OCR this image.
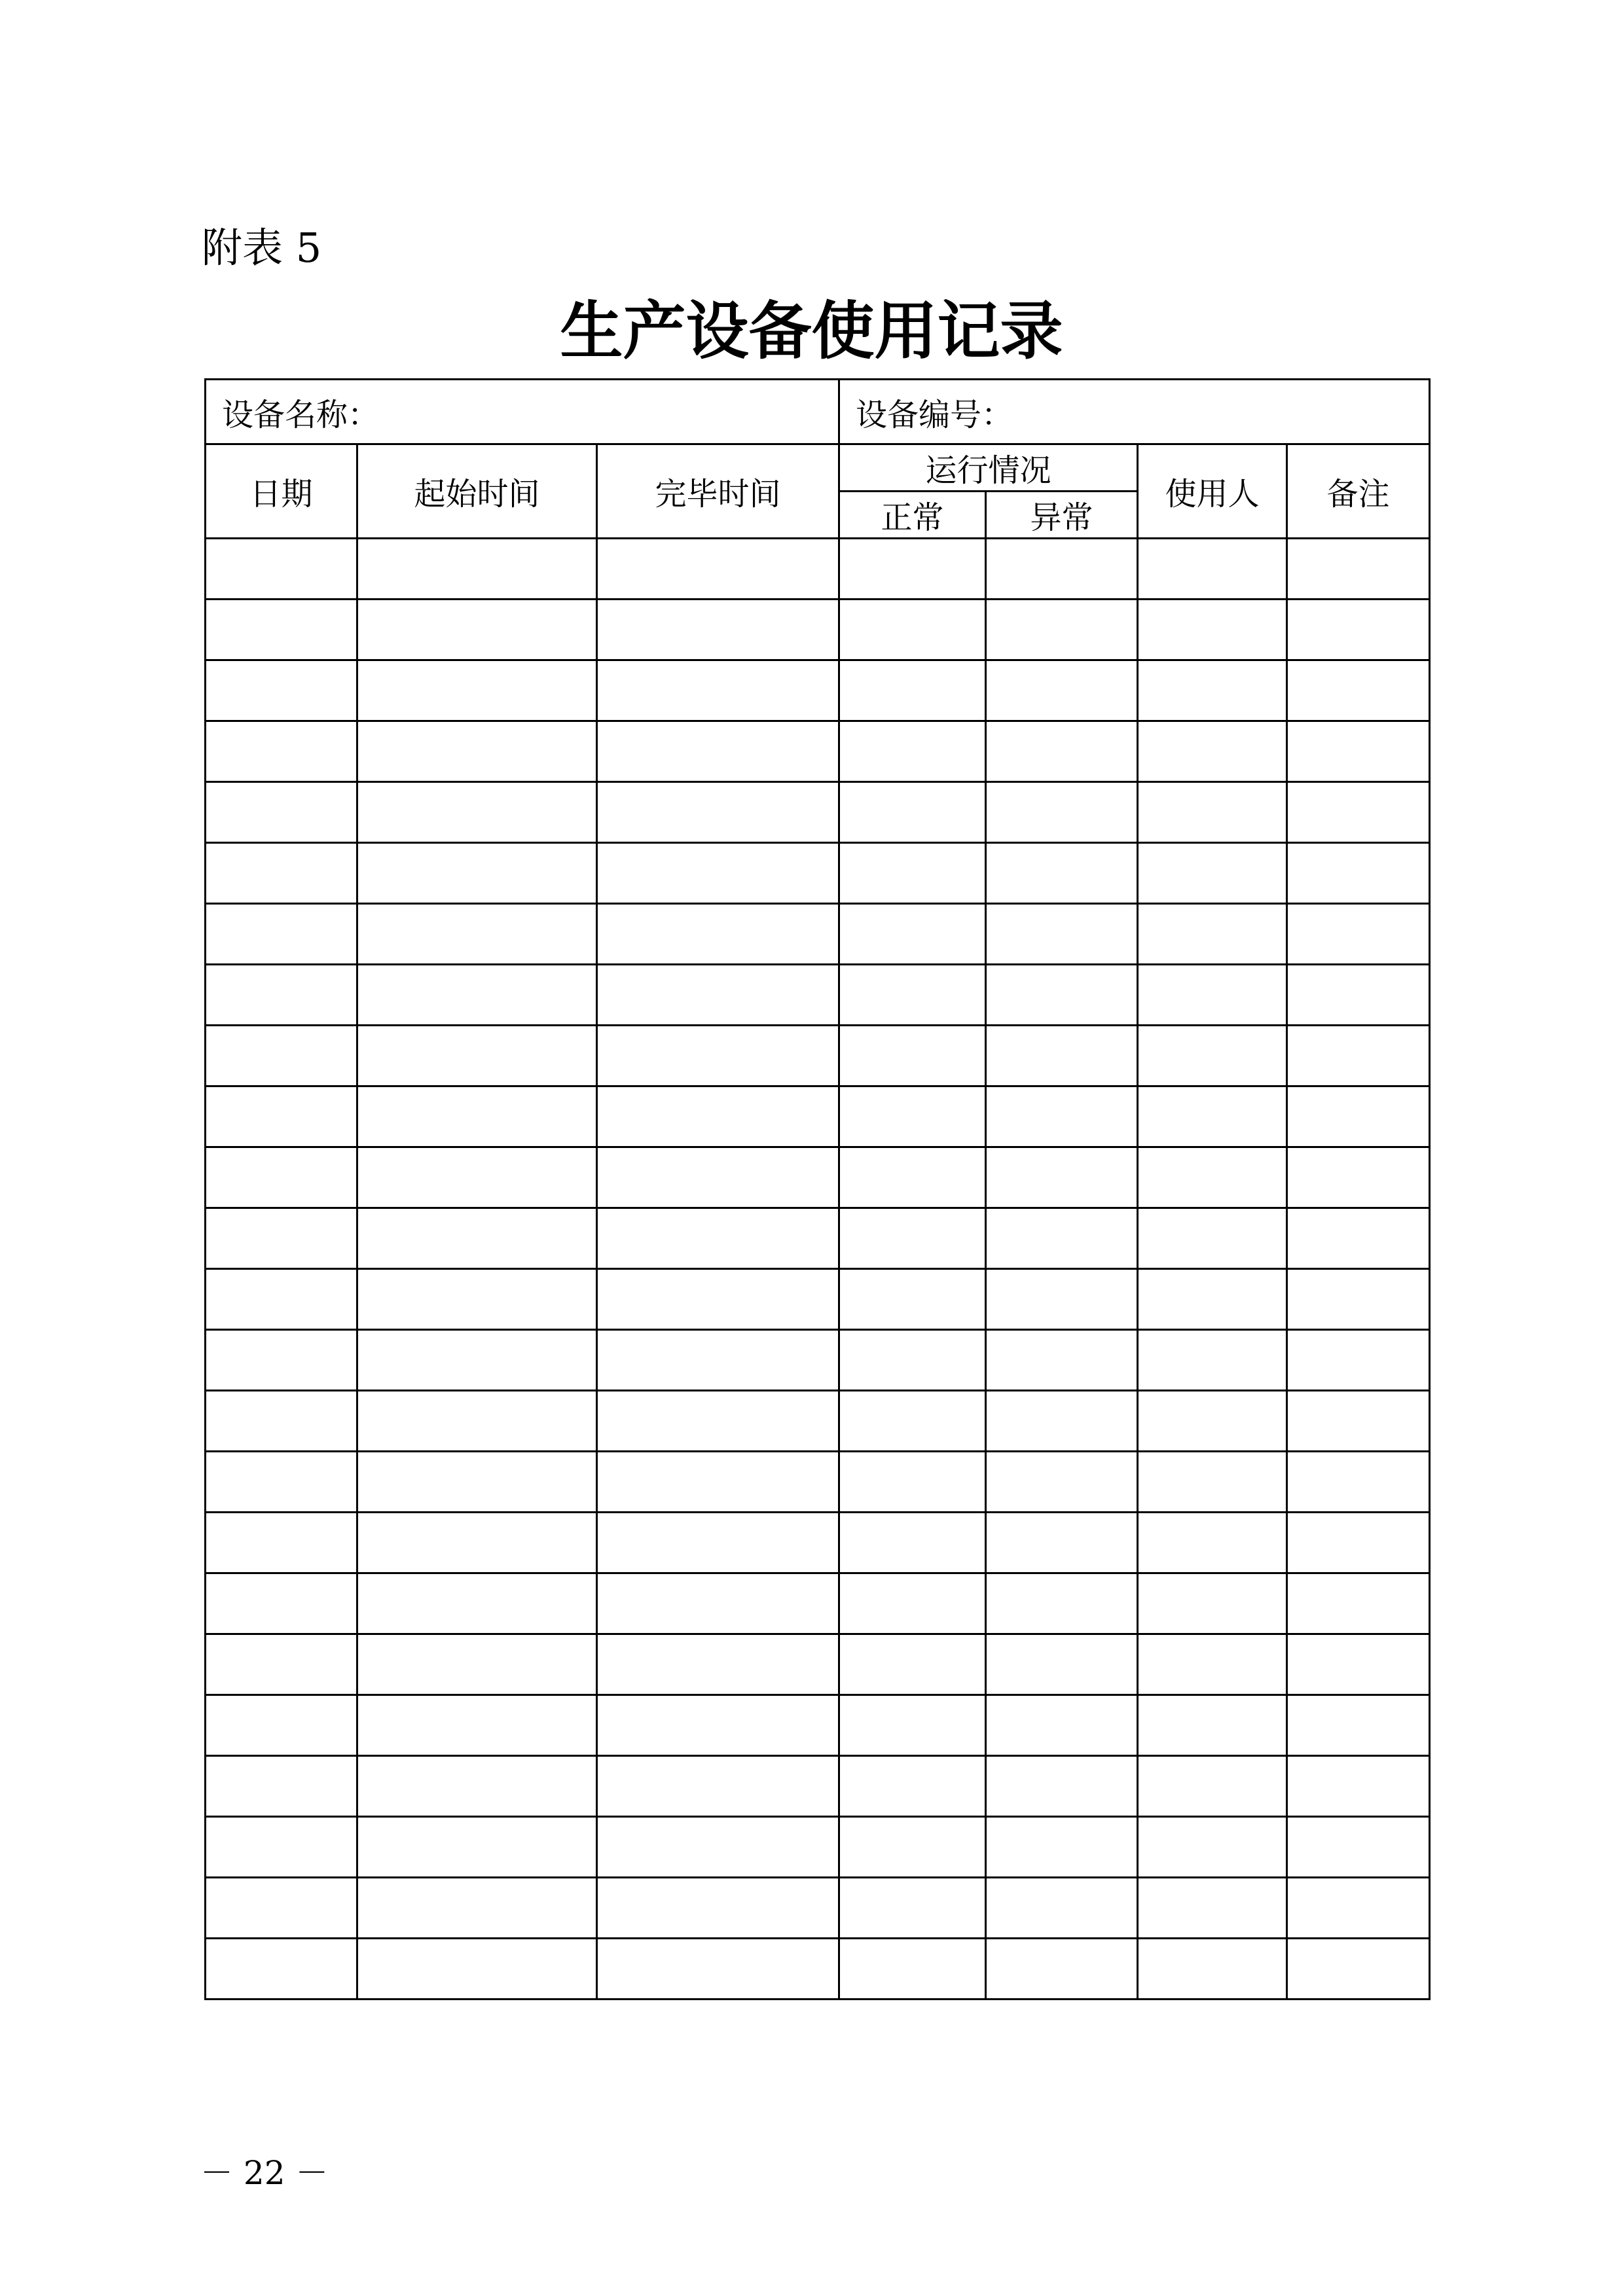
附表 5
生产设备使用记录
设备名称：			设备编号：			
日期	起始时间	完毕时间	运行情况		使用人	备注
			正常	异常		

－ 22 －
